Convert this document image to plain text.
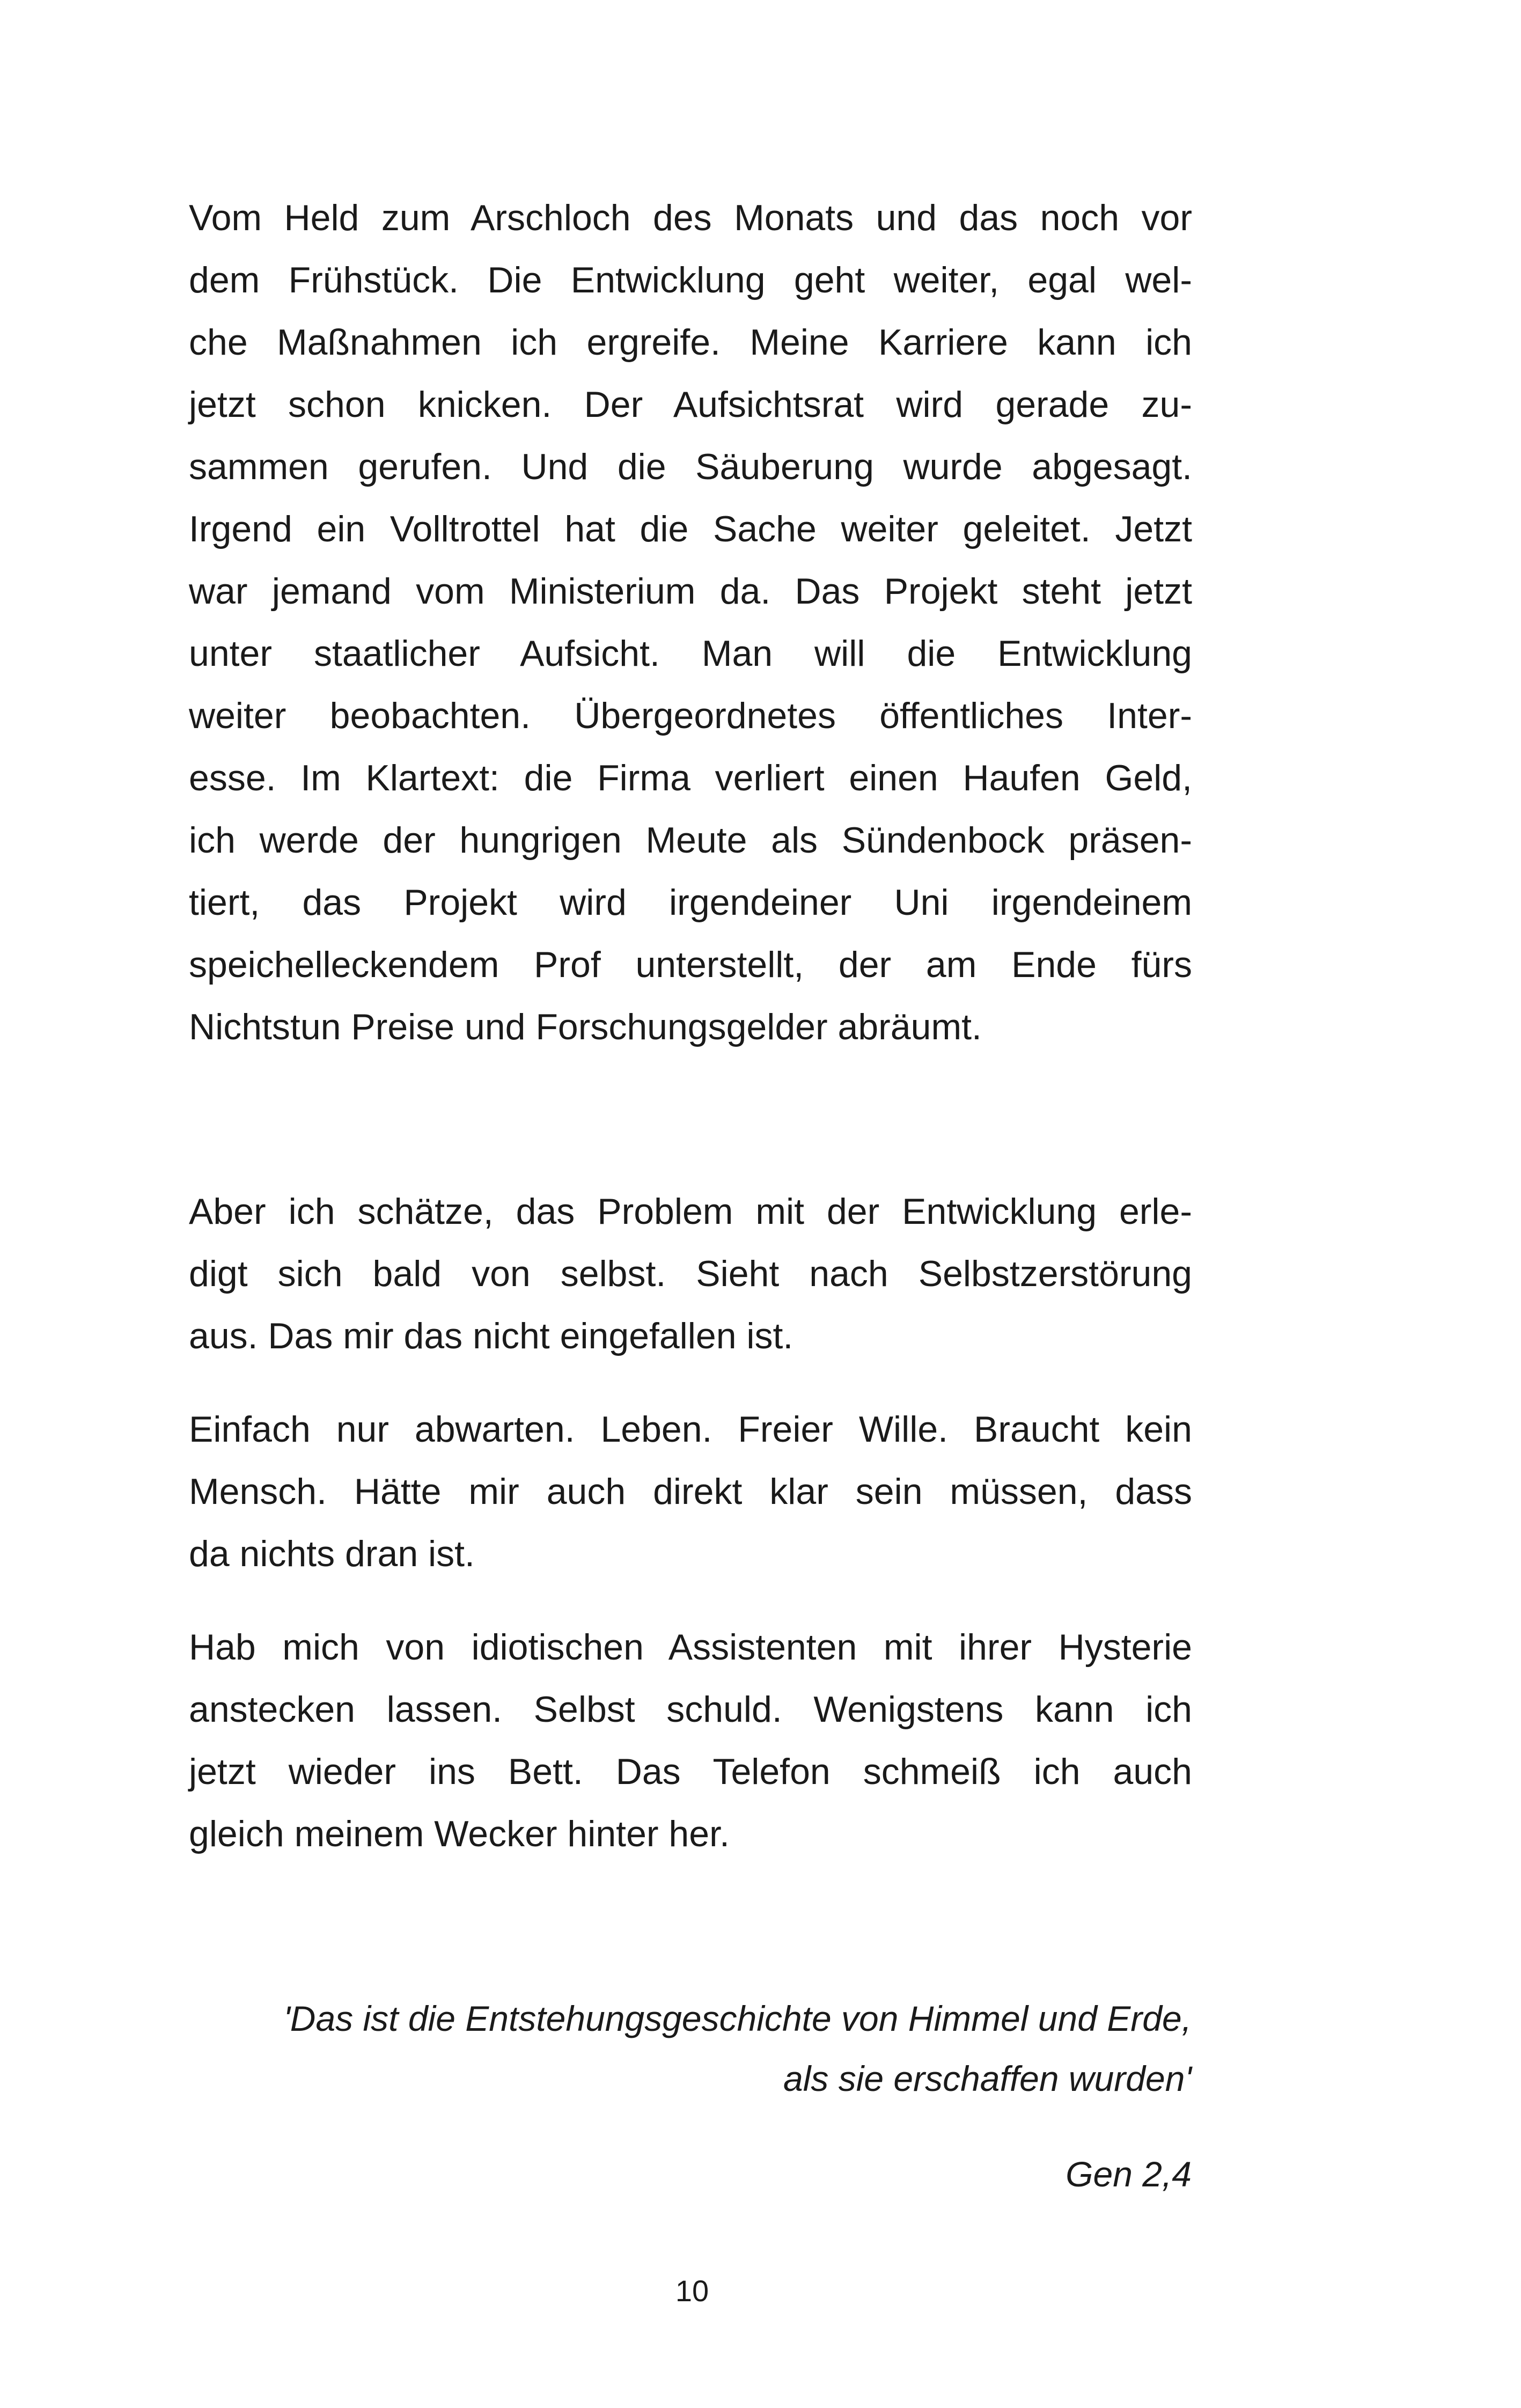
Vom Held zum Arschloch des Monats und das noch vor
dem Frühstück. Die Entwicklung geht weiter, egal wel-
che Maßnahmen ich ergreife. Meine Karriere kann ich
jetzt schon knicken. Der Aufsichtsrat wird gerade zu-
sammen gerufen. Und die Säuberung wurde abgesagt.
Irgend ein Volltrottel hat die Sache weiter geleitet. Jetzt
war jemand vom Ministerium da. Das Projekt steht jetzt
unter staatlicher Aufsicht. Man will die Entwicklung
weiter beobachten. Übergeordnetes öffentliches Inter-
esse. Im Klartext: die Firma verliert einen Haufen Geld,
ich werde der hungrigen Meute als Sündenbock präsen-
tiert, das Projekt wird irgendeiner Uni irgendeinem
speichelleckendem Prof unterstellt, der am Ende fürs
Nichtstun Preise und Forschungsgelder abräumt.
Aber ich schätze, das Problem mit der Entwicklung erle-
digt sich bald von selbst. Sieht nach Selbstzerstörung
aus. Das mir das nicht eingefallen ist.
Einfach nur abwarten. Leben. Freier Wille. Braucht kein
Mensch. Hätte mir auch direkt klar sein müssen, dass
da nichts dran ist.
Hab mich von idiotischen Assistenten mit ihrer Hysterie
anstecken lassen. Selbst schuld. Wenigstens kann ich
jetzt wieder ins Bett. Das Telefon schmeiß ich auch
gleich meinem Wecker hinter her.
'Das ist die Entstehungsgeschichte von Himmel und Erde,
als sie erschaffen wurden'
Gen 2,4
10
